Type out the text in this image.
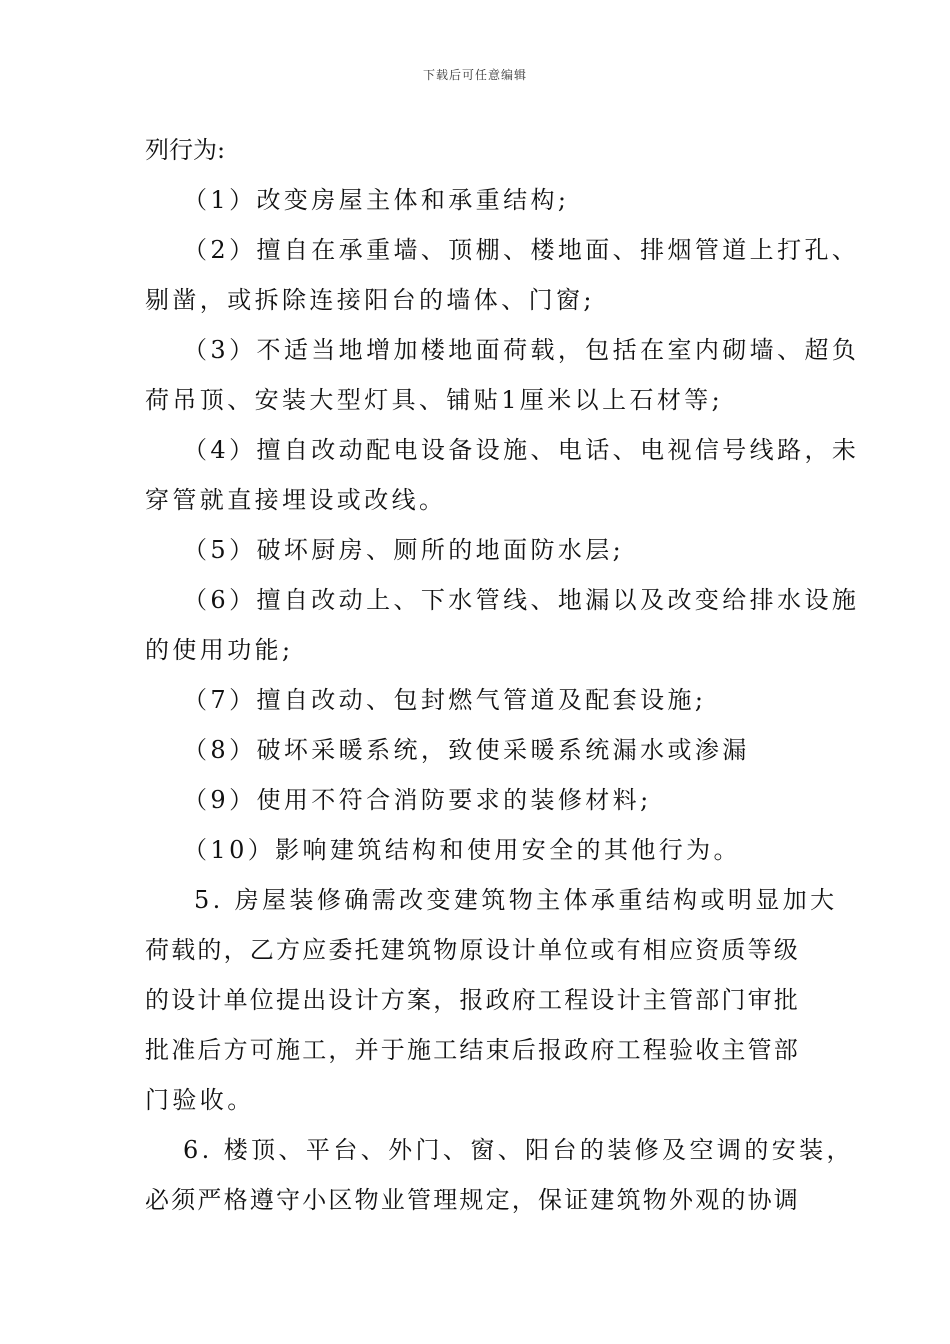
下载后可任意编辑
列行为:
（1）改变房屋主体和承重结构;
（2）擅自在承重墙、顶棚、楼地面、排烟管道上打孔、
剔凿，或拆除连接阳台的墙体、门窗;
（3）不适当地增加楼地面荷载，包括在室内砌墙、超负
荷吊顶、安装大型灯具、铺贴1厘米以上石材等;
（4）擅自改动配电设备设施、电话、电视信号线路，未
穿管就直接埋设或改线。
（5）破坏厨房、厕所的地面防水层;
（6）擅自改动上、下水管线、地漏以及改变给排水设施
的使用功能;
（7）擅自改动、包封燃气管道及配套设施;
（8）破坏采暖系统，致使采暖系统漏水或渗漏
（9）使用不符合消防要求的装修材料;
（10）影响建筑结构和使用安全的其他行为。
5. 房屋装修确需改变建筑物主体承重结构或明显加大
荷载的，乙方应委托建筑物原设计单位或有相应资质等级
的设计单位提出设计方案，报政府工程设计主管部门审批
批准后方可施工，并于施工结束后报政府工程验收主管部
门验收。
6. 楼顶、平台、外门、窗、阳台的装修及空调的安装，
必须严格遵守小区物业管理规定，保证建筑物外观的协调
